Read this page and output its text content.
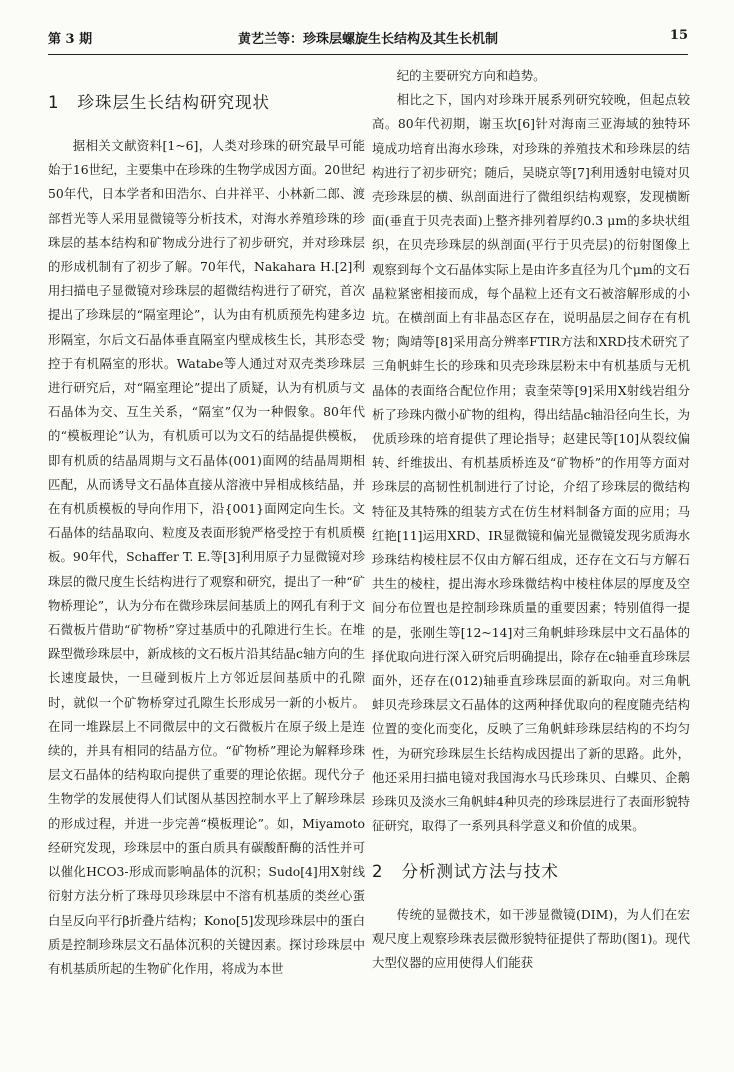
第 3 期	黄艺兰等：珍珠层螺旋生长结构及其生长机制	15
1 珍珠层生长结构研究现状

据相关文献资料[1~6]，人类对珍珠的研究最早可能始于16世纪，主要集中在珍珠的生物学成因方面。20世纪50年代，日本学者和田浩尔、白井祥平、小林新二郎、渡部哲光等人采用显微镜等分析技术，对海水养殖珍珠的珍珠层的基本结构和矿物成分进行了初步研究，并对珍珠层的形成机制有了初步了解。70年代，Nakahara H.[2]利用扫描电子显微镜对珍珠层的超微结构进行了研究，首次提出了珍珠层的“隔室理论”，认为由有机质预先构建多边形隔室，尔后文石晶体垂直隔室内壁成核生长，其形态受控于有机隔室的形状。Watabe等人通过对双壳类珍珠层进行研究后，对“隔室理论”提出了质疑，认为有机质与文石晶体为交、互生关系，“隔室”仅为一种假象。80年代的“模板理论”认为，有机质可以为文石的结晶提供模板，即有机质的结晶周期与文石晶体(001)面网的结晶周期相匹配，从而诱导文石晶体直接从溶液中异相成核结晶，并在有机质模板的导向作用下，沿{001}面网定向生长。文石晶体的结晶取向、粒度及表面形貌严格受控于有机质模板。90年代，Schaffer T. E.等[3]利用原子力显微镜对珍珠层的微尺度生长结构进行了观察和研究，提出了一种“矿物桥理论”，认为分布在微珍珠层间基质上的网孔有利于文石微板片借助“矿物桥”穿过基质中的孔隙进行生长。在堆跺型微珍珠层中，新成核的文石板片沿其结晶c轴方向的生长速度最快，一旦碰到板片上方邻近层间基质中的孔隙时，就似一个矿物桥穿过孔隙生长形成另一新的小板片。在同一堆跺层上不同微层中的文石微板片在原子级上是连续的，并具有相同的结晶方位。“矿物桥”理论为解释珍珠层文石晶体的结构取向提供了重要的理论依据。现代分子生物学的发展使得人们试图从基因控制水平上了解珍珠层的形成过程，并进一步完善“模板理论”。如，Miyamoto经研究发现，珍珠层中的蛋白质具有碳酸酐酶的活性并可以催化HCO3-形成而影响晶体的沉积；Sudo[4]用X射线衍射方法分析了珠母贝珍珠层中不溶有机基质的类丝心蛋白呈反向平行β折叠片结构；Kono[5]发现珍珠层中的蛋白质是控制珍珠层文石晶体沉积的关键因素。探讨珍珠层中有机基质所起的生物矿化作用，将成为本世

纪的主要研究方向和趋势。

相比之下，国内对珍珠开展系列研究较晚，但起点较高。80年代初期，谢玉坎[6]针对海南三亚海域的独特环境成功培育出海水珍珠，对珍珠的养殖技术和珍珠层的结构进行了初步研究；随后，吴晓京等[7]利用透射电镜对贝壳珍珠层的横、纵剖面进行了微组织结构观察，发现横断面(垂直于贝壳表面)上整齐排列着厚约0.3 μm的多块状组织，在贝壳珍珠层的纵剖面(平行于贝壳层)的衍射图像上观察到每个文石晶体实际上是由许多直径为几个μm的文石晶粒紧密相接而成，每个晶粒上还有文石被溶解形成的小坑。在横剖面上有非晶态区存在，说明晶层之间存在有机物；陶靖等[8]采用高分辨率FTIR方法和XRD技术研究了三角帆蚌生长的珍珠和贝壳珍珠层粉末中有机基质与无机晶体的表面络合配位作用；袁奎荣等[9]采用X射线岩组分析了珍珠内微小矿物的组构，得出结晶c轴沿径向生长，为优质珍珠的培育提供了理论指导；赵建民等[10]从裂纹偏转、纤维拔出、有机基质桥连及“矿物桥”的作用等方面对珍珠层的高韧性机制进行了讨论，介绍了珍珠层的微结构特征及其特殊的组装方式在仿生材料制备方面的应用；马红艳[11]运用XRD、IR显微镜和偏光显微镜发现劣质海水珍珠结构棱柱层不仅由方解石组成，还存在文石与方解石共生的棱柱，提出海水珍珠微结构中棱柱体层的厚度及空间分布位置也是控制珍珠质量的重要因素；特别值得一提的是，张刚生等[12~14]对三角帆蚌珍珠层中文石晶体的择优取向进行深入研究后明确提出，除存在c轴垂直珍珠层面外，还存在(012)轴垂直珍珠层面的新取向。对三角帆蚌贝壳珍珠层文石晶体的这两种择优取向的程度随壳结构位置的变化而变化，反映了三角帆蚌珍珠层结构的不均匀性，为研究珍珠层生长结构成因提出了新的思路。此外，他还采用扫描电镜对我国海水马氏珍珠贝、白蝶贝、企鹅珍珠贝及淡水三角帆蚌4种贝壳的珍珠层进行了表面形貌特征研究，取得了一系列具科学意义和价值的成果。

2 分析测试方法与技术

传统的显微技术，如干涉显微镜(DIM)，为人们在宏观尺度上观察珍珠表层微形貌特征提供了帮助(图1)。现代大型仪器的应用使得人们能获
